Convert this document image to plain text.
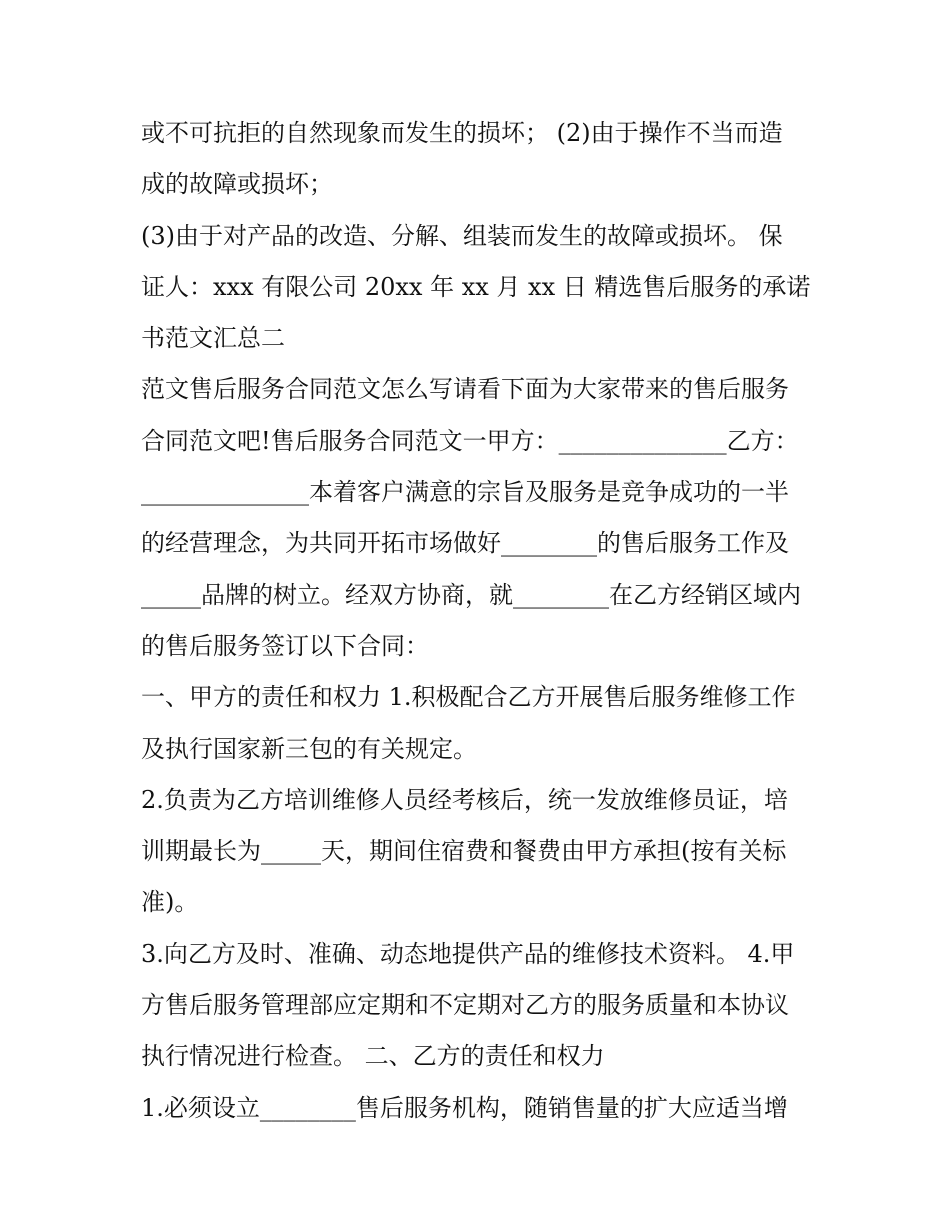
或不可抗拒的自然现象而发生的损坏； (2)由于操作不当而造
成的故障或损坏；
(3)由于对产品的改造、分解、组装而发生的故障或损坏。 保
证人：xxx 有限公司 20xx 年 xx 月 xx 日 精选售后服务的承诺
书范文汇总二
范文售后服务合同范文怎么写请看下面为大家带来的售后服务
合同范文吧!售后服务合同范文一甲方：______________乙方：
______________本着客户满意的宗旨及服务是竞争成功的一半
的经营理念，为共同开拓市场做好________的售后服务工作及
_____品牌的树立。经双方协商，就________在乙方经销区域内
的售后服务签订以下合同：
一、甲方的责任和权力 1.积极配合乙方开展售后服务维修工作
及执行国家新三包的有关规定。
2.负责为乙方培训维修人员经考核后，统一发放维修员证，培
训期最长为_____天，期间住宿费和餐费由甲方承担(按有关标
准)。
3.向乙方及时、准确、动态地提供产品的维修技术资料。 4.甲
方售后服务管理部应定期和不定期对乙方的服务质量和本协议
执行情况进行检查。 二、乙方的责任和权力
1.必须设立________售后服务机构，随销售量的扩大应适当增
